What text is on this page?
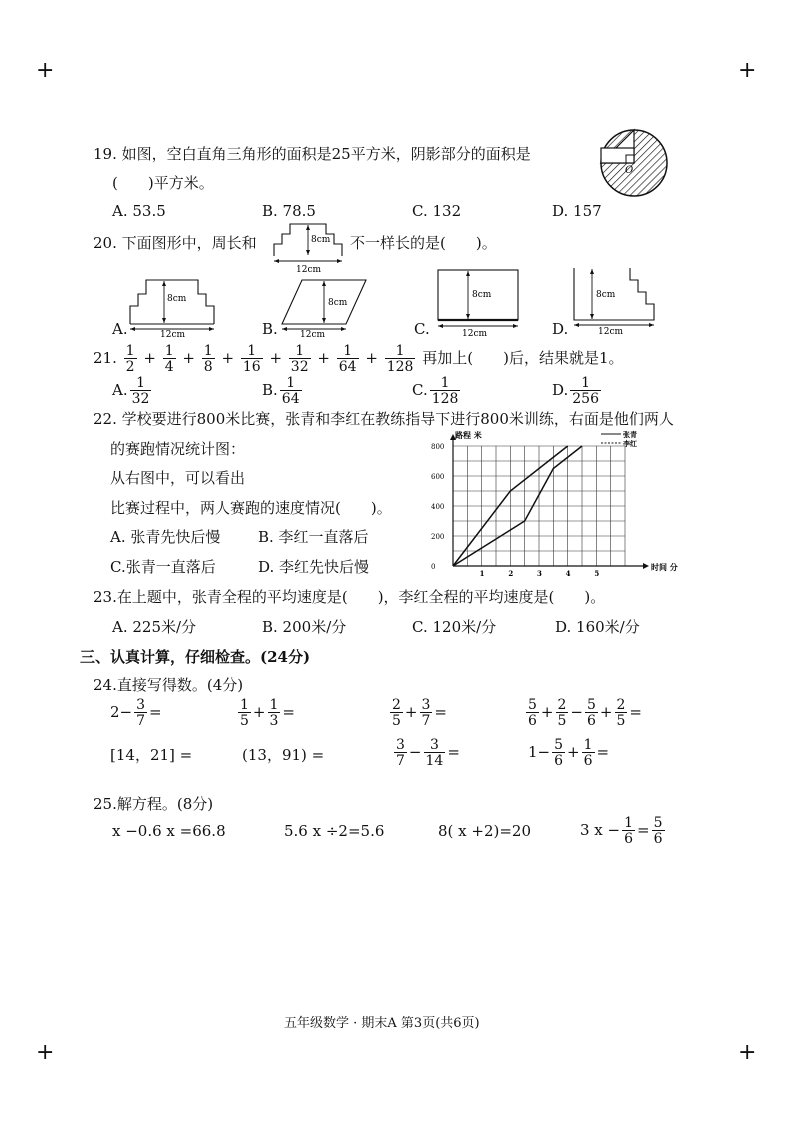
+	+
+	+
19. 如图，空白直角三角形的面积是25平方米，阴影部分的面积是
(　　)平方米。
O
A. 53.5	B. 78.5	C. 132	D. 157
20. 下面图形中，周长和	8cm
12cm
不一样长的是(　　)。
A.
8cm
12cm	B.
8cm
12cm	C.
8cm
12cm	D.
8cm
12cm
21. $\frac{1}{2} + \frac{1}{4} + \frac{1}{8} + \frac{1}{16} + \frac{1}{32} + \frac{1}{64} + \frac{1}{128}$ 再加上(　　)后，结果就是1。
A. $\frac{1}{32}$	B. $\frac{1}{64}$	C. $\frac{1}{128}$	D. $\frac{1}{256}$
22. 学校要进行800米比赛，张青和李红在教练指导下进行800米训练，右面是他们两人
的赛跑情况统计图：
从右图中，可以看出
比赛过程中，两人赛跑的速度情况(　　)。
A. 张青先快后慢	B. 李红一直落后
C.张青一直落后	D. 李红先快后慢	1	2	3	4	5
0
200
400
600
800
路程 米
时间 分
张青
李红
23.在上题中，张青全程的平均速度是(　　)，李红全程的平均速度是(　　)。
A. 225米/分	B. 200米/分	C. 120米/分	D. 160米/分
三、认真计算，仔细检查。(24分)
24.直接写得数。(4分)
$2- \frac{3}{7}$ =	$\frac{1}{5} + \frac{1}{3}$ =	$\frac{2}{5} + \frac{3}{7}$ =	$\frac{5}{6} + \frac{2}{5} - \frac{5}{6} + \frac{2}{5}$ =
[14，21] =	(13，91) =	$\frac{3}{7} - \frac{3}{14}$ =	$1- \frac{5}{6} + \frac{1}{6}$ =
25.解方程。(8分)
x −0.6 x =66.8	5.6 x ÷2=5.6	8( x +2)=20	3 $x - \frac{1}{6} = \frac{5}{6}$
五年级数学 · 期末A 第3页(共6页)
